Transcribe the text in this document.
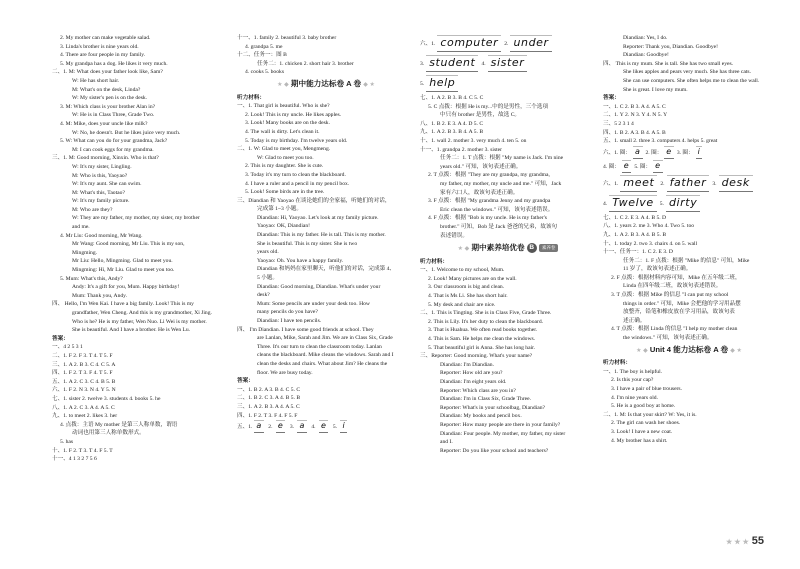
2. My mother can make vegetable salad.
3. Linda's brother is nine years old.
4. There are four people in my family.
5. My grandpa has a dog. He likes it very much.
二、1. M: What does your father look like, Sam?
W: He has short hair.
M: What's on the desk, Linda?
W: My sister's pen is on the desk.
3. M: Which class is your brother Alan in?
W: He is in Class Three, Grade Two.
4. M: Mike, does your uncle like milk?
W: No, he doesn't. But he likes juice very much.
5. W: What can you do for your grandma, Jack?
M: I can cook eggs for my grandma.
三、1. M: Good morning, Xinxin. Who is that?
W: It's my sister, Lingling.
M: Who is this, Yaoyao?
W: It's my aunt. She can swim.
M: What's this, Taotao?
W: It's my family picture.
M: Who are they?
W: They are my father, my mother, my sister, my brother
and me.
4. Mr Liu: Good morning, Mr Wang.
Mr Wang: Good morning, Mr Liu. This is my son,
Mingming.
Mr Liu: Hello, Mingming. Glad to meet you.
Mingming: Hi, Mr Liu. Glad to meet you too.
5. Mum: What's this, Andy?
Andy: It's a gift for you, Mum. Happy birthday!
Mum: Thank you, Andy.
四、 Hello, I'm Wen Kai. I have a big family. Look! This is my
grandfather, Wen Cheng. And this is my grandmother, Xi Jing.
Who is he? He is my father, Wen Nuo. Li Wei is my mother.
She is beautiful. And I have a brother. He is Wen Lu.
答案：
一、4 2 5 3 1
二、1. F 2. F 3. T 4. T 5. F
三、1. A 2. B 3. C 4. C 5. A
四、1. F 2. T 3. F 4. T 5. F
五、1. A 2. C 3. C 4. B 5. B
六、1. F 2. N 3. N 4. Y 5. N
七、1. sister 2. twelve 3. students 4. books 5. he
八、1. A 2. C 3. A 4. A 5. C
九、1. to meet 2. likes 3. her
4. 点拨：主语 My mother 是第三人称单数，谓语
动词也用第三人称单数形式。
5. has
十、1. F 2. T 3. T 4. F 5. T
十一、4 1 3 2 7 5 6
十一、1. family 2. beautiful 3. baby brother
4. grandpa 5. me
十二、任务一：图 B
任务二：1. chicken 2. short hair 3. brother
4. cooks 5. books
★ ◆ 期中能力达标卷 A 卷 ◆ ★
听力材料：
一、1. That girl is beautiful. Who is she?
2. Look! This is my uncle. He likes apples.
3. Look! Many books are on the desk.
4. The wall is dirty. Let's clean it.
5. Today is my birthday. I'm twelve years old.
二、1. W: Glad to meet you, Mengmeng.
W: Glad to meet you too.
2. This is my daughter. She is cute.
3. Today it's my turn to clean the blackboard.
4. I have a ruler and a pencil in my pencil box.
5. Look! Some birds are in the tree.
三、Diandian 和 Yaoyao 在谈论她们的全家福，听她们的对话，
完成第 1~3 小题。
Diandian: Hi, Yaoyao. Let's look at my family picture.
Yaoyao: OK, Diandian!
Diandian: This is my father. He is tall. This is my mother.
She is beautiful. This is my sister. She is two
years old.
Yaoyao: Oh. You have a happy family.
Diandian 和妈妈在家里聊天，听他们的对话，完成第 4、
5 小题。
Diandian: Good morning, Diandian. What's under your
desk?
Mum: Some pencils are under your desk too. How
many pencils do you have?
Diandian: I have ten pencils.
四、 I'm Diandian. I have some good friends at school. They
are Lanlan, Mike, Sarah and Jim. We are in Class Six, Grade
Three. It's our turn to clean the classroom today. Lanlan
cleans the blackboard. Mike cleans the windows. Sarah and I
clean the desks and chairs. What about Jim? He cleans the
floor. We are busy today.
答案：
一、1. B 2. A 3. B 4. C 5. C
二、1. B 2. C 3. A 4. B 5. B
三、1. A 2. B 3. A 4. A 5. C
四、1. F 2. T 3. F 4. F 5. F
五、1. a 2. e 3. a 4. e 5. i
六、1. computer 2. under
3. student 4. sister
5. help
七、1. A 2. B 3. B 4. C 5. C
5. C 点拨：根据 He is my...中的是男性，三个选项
中只有 brother 是男性，故选 C。
八、1. B 2. E 3. A 4. D 5. C
九、1. A 2. B 3. B 4. A 5. B
十、1. wall 2. mother 3. very much 4. ten 5. on
十一、1. grandpa 2. mother 3. sister
任务二：1. T 点拨：根据 "My name is Jack. I'm nine
years old." 可知，该句表述正确。
2. T 点拨：根据 "They are my grandpa, my grandma,
my father, my mother, my uncle and me." 可知，Jack
家有六口人，故该句表述正确。
3. F 点拨：根据 "My grandma Jenny and my grandpa
Eric clean the windows." 可知，该句表述错误。
4. F 点拨：根据 "Bob is my uncle. He is my father's
brother." 可知，Bob 是 Jack 爸爸的兄弟，故该句
表述错误。
★ ◆ 期中素养培优卷 B 素养卷
听力材料：
一、1. Welcome to my school, Mum.
2. Look! Many pictures are on the wall.
3. Our classroom is big and clean.
4. That is Ms Li. She has short hair.
5. My desk and chair are nice.
二、1. This is Tingting. She is in Class Five, Grade Three.
2. This is Lily. It's her duty to clean the blackboard.
3. That is Huahua. We often read books together.
4. This is Sam. He helps me clean the windows.
5. That beautiful girl is Anna. She has long hair.
三、Reporter: Good morning. What's your name?
Diandian: I'm Diandian.
Reporter: How old are you?
Diandian: I'm eight years old.
Reporter: Which class are you in?
Diandian: I'm in Class Six, Grade Three.
Reporter: What's in your schoolbag, Diandian?
Diandian: My books and pencil box.
Reporter: How many people are there in your family?
Diandian: Four people. My mother, my father, my sister
and I.
Reporter: Do you like your school and teachers?
Diandian: Yes, I do.
Reporter: Thank you, Diandian. Goodbye!
Diandian: Goodbye!
四、 This is my mum. She is tall. She has two small eyes.
She likes apples and pears very much. She has three cats.
She can use computers. She often helps me to clean the wall.
She is great. I love my mum.
答案：
一、1. C 2. B 3. A 4. A 5. C
二、1. Y 2. N 3. Y 4. N 5. Y
三、5 2 3 1 4
四、1. B 2. A 3. B 4. A 5. B
五、1. small 2. three 3. computers 4. helps 5. great
六、1. 圈： a 2. 圈： e 3. 圈： i
4. 圈： e 5. 圈： e
六、1. meet 2. father 3. desk
4. Twelve 5. dirty
七、1. C 2. E 3. A 4. B 5. D
八、1. years 2. me 3. Who 4. Two 5. too
九、1. A 2. B 3. A 4. B 5. B
十、1. today 2. two 3. chairs 4. on 5. wall
十一、任务一：1. C 2. E 3. D
任务二：1. F 点拨：根据 "Mike 的信息" 可知，Mike
11 岁了，故该句表述正确。
2. F 点拨：根据材料内容可知，Mike 在五年级二班，
Linda 在四年级二班，故该句表述错误。
3. T 点拨：根据 Mike 的信息 "I can put my school
things in order." 可知，Mike 会把他的学习用品摆
放整齐，铅笔和橡皮放在学习用品，故该句表
述正确。
4. T 点拨：根据 Linda 的信息 "I help my mother clean
the windows." 可知，该句表述正确。
★ ◆ Unit 4 能力达标卷 A 卷 ◆ ★
听力材料：
一、1. The boy is helpful.
2. Is this your cap?
3. I have a pair of blue trousers.
4. I'm nine years old.
5. He is a good boy at home.
二、1. M: Is that your skirt? W: Yes, it is.
2. The girl can wash her shoes.
3. Look! I have a new coat.
4. My brother has a shirt.
★ ★ ★ 55
